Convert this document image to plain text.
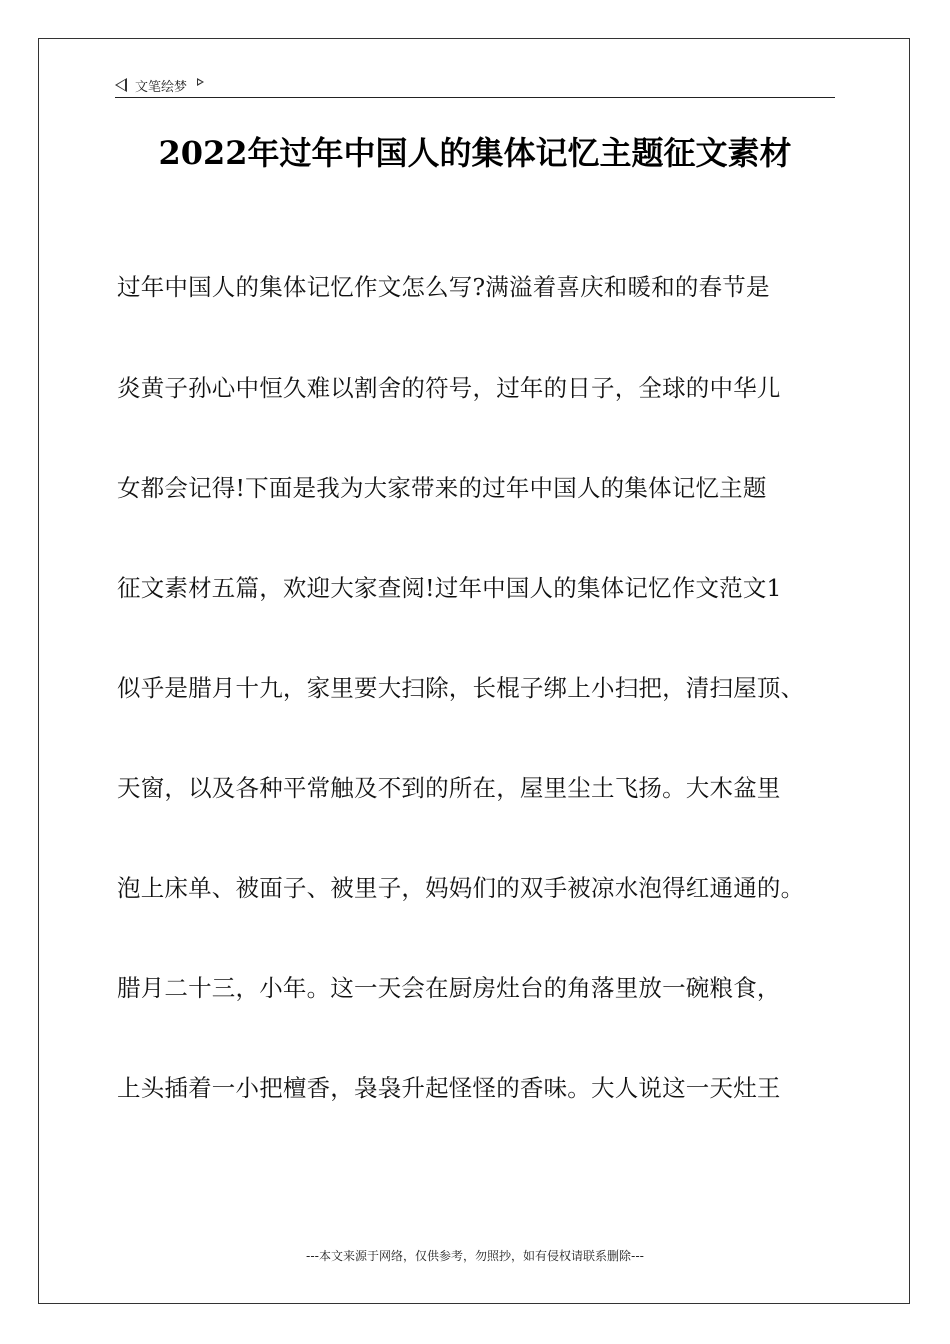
文笔绘梦
2022年过年中国人的集体记忆主题征文素材
过年中国人的集体记忆作文怎么写?满溢着喜庆和暖和的春节是
炎黄子孙心中恒久难以割舍的符号，过年的日子，全球的中华儿
女都会记得!下面是我为大家带来的过年中国人的集体记忆主题
征文素材五篇，欢迎大家查阅!过年中国人的集体记忆作文范文1
似乎是腊月十九，家里要大扫除，长棍子绑上小扫把，清扫屋顶、
天窗，以及各种平常触及不到的所在，屋里尘土飞扬。大木盆里
泡上床单、被面子、被里子，妈妈们的双手被凉水泡得红通通的。
腊月二十三，小年。这一天会在厨房灶台的角落里放一碗粮食，
上头插着一小把檀香，袅袅升起怪怪的香味。大人说这一天灶王
---本文来源于网络，仅供参考，勿照抄，如有侵权请联系删除---
